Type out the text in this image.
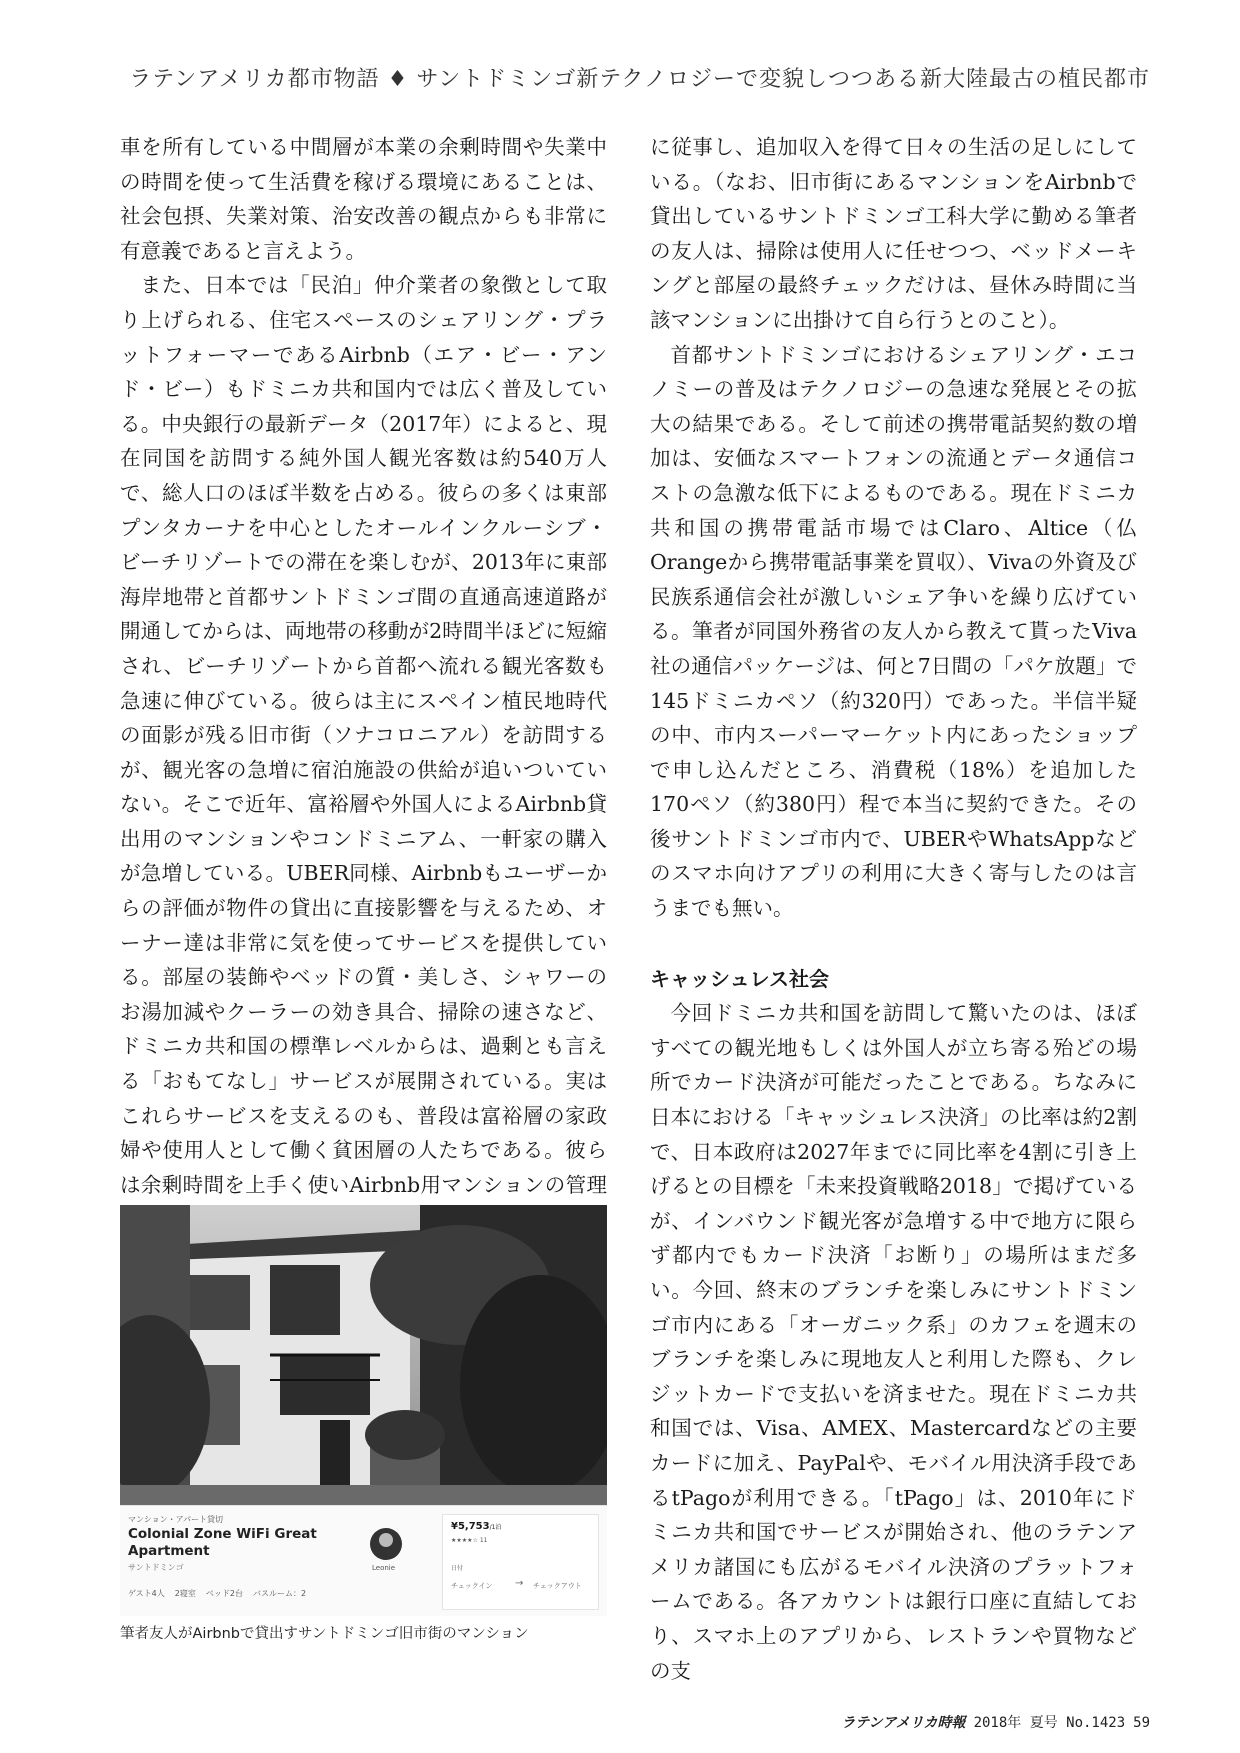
ラテンアメリカ都市物語 ♦ サントドミンゴ新テクノロジーで変貌しつつある新大陸最古の植民都市

車を所有している中間層が本業の余剰時間や失業中の時間を使って生活費を稼げる環境にあることは、社会包摂、失業対策、治安改善の観点からも非常に有意義であると言えよう。

また、日本では「民泊」仲介業者の象徴として取り上げられる、住宅スペースのシェアリング・プラットフォーマーであるAirbnb（エア・ビー・アンド・ビー）もドミニカ共和国内では広く普及している。中央銀行の最新データ（2017年）によると、現在同国を訪問する純外国人観光客数は約540万人で、総人口のほぼ半数を占める。彼らの多くは東部プンタカーナを中心としたオールインクルーシブ・ビーチリゾートでの滞在を楽しむが、2013年に東部海岸地帯と首都サントドミンゴ間の直通高速道路が開通してからは、両地帯の移動が2時間半ほどに短縮され、ビーチリゾートから首都へ流れる観光客数も急速に伸びている。彼らは主にスペイン植民地時代の面影が残る旧市街（ソナコロニアル）を訪問するが、観光客の急増に宿泊施設の供給が追いついていない。そこで近年、富裕層や外国人によるAirbnb貸出用のマンションやコンドミニアム、一軒家の購入が急増している。UBER同様、Airbnbもユーザーからの評価が物件の貸出に直接影響を与えるため、オーナー達は非常に気を使ってサービスを提供している。部屋の装飾やベッドの質・美しさ、シャワーのお湯加減やクーラーの効き具合、掃除の速さなど、ドミニカ共和国の標準レベルからは、過剰とも言える「おもてなし」サービスが展開されている。実はこれらサービスを支えるのも、普段は富裕層の家政婦や使用人として働く貧困層の人たちである。彼らは余剰時間を上手く使いAirbnb用マンションの管理

に従事し、追加収入を得て日々の生活の足しにしている。（なお、旧市街にあるマンションをAirbnbで貸出しているサントドミンゴ工科大学に勤める筆者の友人は、掃除は使用人に任せつつ、ベッドメーキングと部屋の最終チェックだけは、昼休み時間に当該マンションに出掛けて自ら行うとのこと）。

首都サントドミンゴにおけるシェアリング・エコノミーの普及はテクノロジーの急速な発展とその拡大の結果である。そして前述の携帯電話契約数の増加は、安価なスマートフォンの流通とデータ通信コストの急激な低下によるものである。現在ドミニカ共和国の携帯電話市場ではClaro、Altice（仏Orangeから携帯電話事業を買収）、Vivaの外資及び民族系通信会社が激しいシェア争いを繰り広げている。筆者が同国外務省の友人から教えて貰ったViva社の通信パッケージは、何と7日間の「パケ放題」で145ドミニカペソ（約320円）であった。半信半疑の中、市内スーパーマーケット内にあったショップで申し込んだところ、消費税（18%）を追加した170ペソ（約380円）程で本当に契約できた。その後サントドミンゴ市内で、UBERやWhatsAppなどのスマホ向けアプリの利用に大きく寄与したのは言うまでも無い。

キャッシュレス社会

今回ドミニカ共和国を訪問して驚いたのは、ほぼすべての観光地もしくは外国人が立ち寄る殆どの場所でカード決済が可能だったことである。ちなみに日本における「キャッシュレス決済」の比率は約2割で、日本政府は2027年までに同比率を4割に引き上げるとの目標を「未来投資戦略2018」で掲げているが、インバウンド観光客が急増する中で地方に限らず都内でもカード決済「お断り」の場所はまだ多い。今回、終末のブランチを楽しみにサントドミンゴ市内にある「オーガニック系」のカフェを週末のブランチを楽しみに現地友人と利用した際も、クレジットカードで支払いを済ませた。現在ドミニカ共和国では、Visa、AMEX、Mastercardなどの主要カードに加え、PayPalや、モバイル用決済手段であるtPagoが利用できる。「tPago」は、2010年にドミニカ共和国でサービスが開始され、他のラテンアメリカ諸国にも広がるモバイル決済のプラットフォームである。各アカウントは銀行口座に直結しており、スマホ上のアプリから、レストランや買物などの支

マンション・アパート貸切
Colonial Zone WiFi Great Apartment
サントドミンゴ
ゲスト4人 2寝室 ベッド2台 バスルーム：2
Leonie
¥5,753/1泊
★★★★☆ 11
日付
チェックイン → チェックアウト
筆者友人がAirbnbで貸出すサントドミンゴ旧市街のマンション
ラテンアメリカ時報 2018年 夏号 No.1423 59
